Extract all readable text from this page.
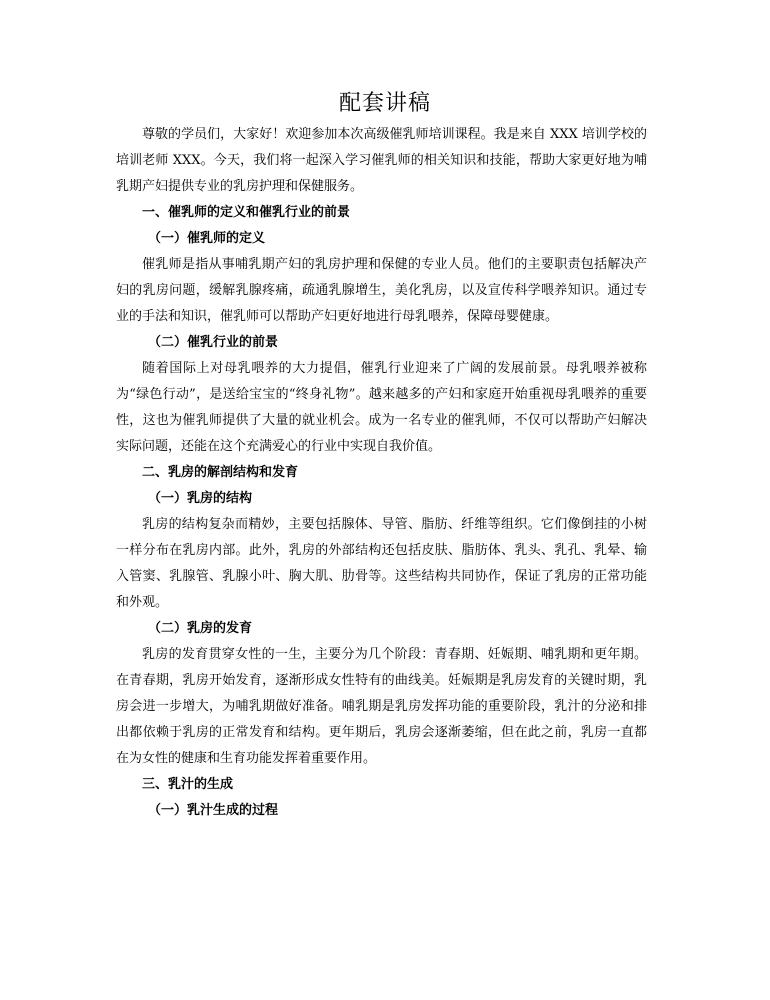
配套讲稿

尊敬的学员们，大家好！欢迎参加本次高级催乳师培训课程。我是来自 XXX 培训学校的培训老师 XXX。今天，我们将一起深入学习催乳师的相关知识和技能，帮助大家更好地为哺乳期产妇提供专业的乳房护理和保健服务。

一、催乳师的定义和催乳行业的前景

（一）催乳师的定义

催乳师是指从事哺乳期产妇的乳房护理和保健的专业人员。他们的主要职责包括解决产妇的乳房问题，缓解乳腺疼痛，疏通乳腺增生，美化乳房，以及宣传科学喂养知识。通过专业的手法和知识，催乳师可以帮助产妇更好地进行母乳喂养，保障母婴健康。

（二）催乳行业的前景

随着国际上对母乳喂养的大力提倡，催乳行业迎来了广阔的发展前景。母乳喂养被称为“绿色行动”，是送给宝宝的“终身礼物”。越来越多的产妇和家庭开始重视母乳喂养的重要性，这也为催乳师提供了大量的就业机会。成为一名专业的催乳师，不仅可以帮助产妇解决实际问题，还能在这个充满爱心的行业中实现自我价值。

二、乳房的解剖结构和发育

（一）乳房的结构

乳房的结构复杂而精妙，主要包括腺体、导管、脂肪、纤维等组织。它们像倒挂的小树一样分布在乳房内部。此外，乳房的外部结构还包括皮肤、脂肪体、乳头、乳孔、乳晕、输入管窦、乳腺管、乳腺小叶、胸大肌、肋骨等。这些结构共同协作，保证了乳房的正常功能和外观。

（二）乳房的发育

乳房的发育贯穿女性的一生，主要分为几个阶段：青春期、妊娠期、哺乳期和更年期。在青春期，乳房开始发育，逐渐形成女性特有的曲线美。妊娠期是乳房发育的关键时期，乳房会进一步增大，为哺乳期做好准备。哺乳期是乳房发挥功能的重要阶段，乳汁的分泌和排出都依赖于乳房的正常发育和结构。更年期后，乳房会逐渐萎缩，但在此之前，乳房一直都在为女性的健康和生育功能发挥着重要作用。

三、乳汁的生成

（一）乳汁生成的过程
